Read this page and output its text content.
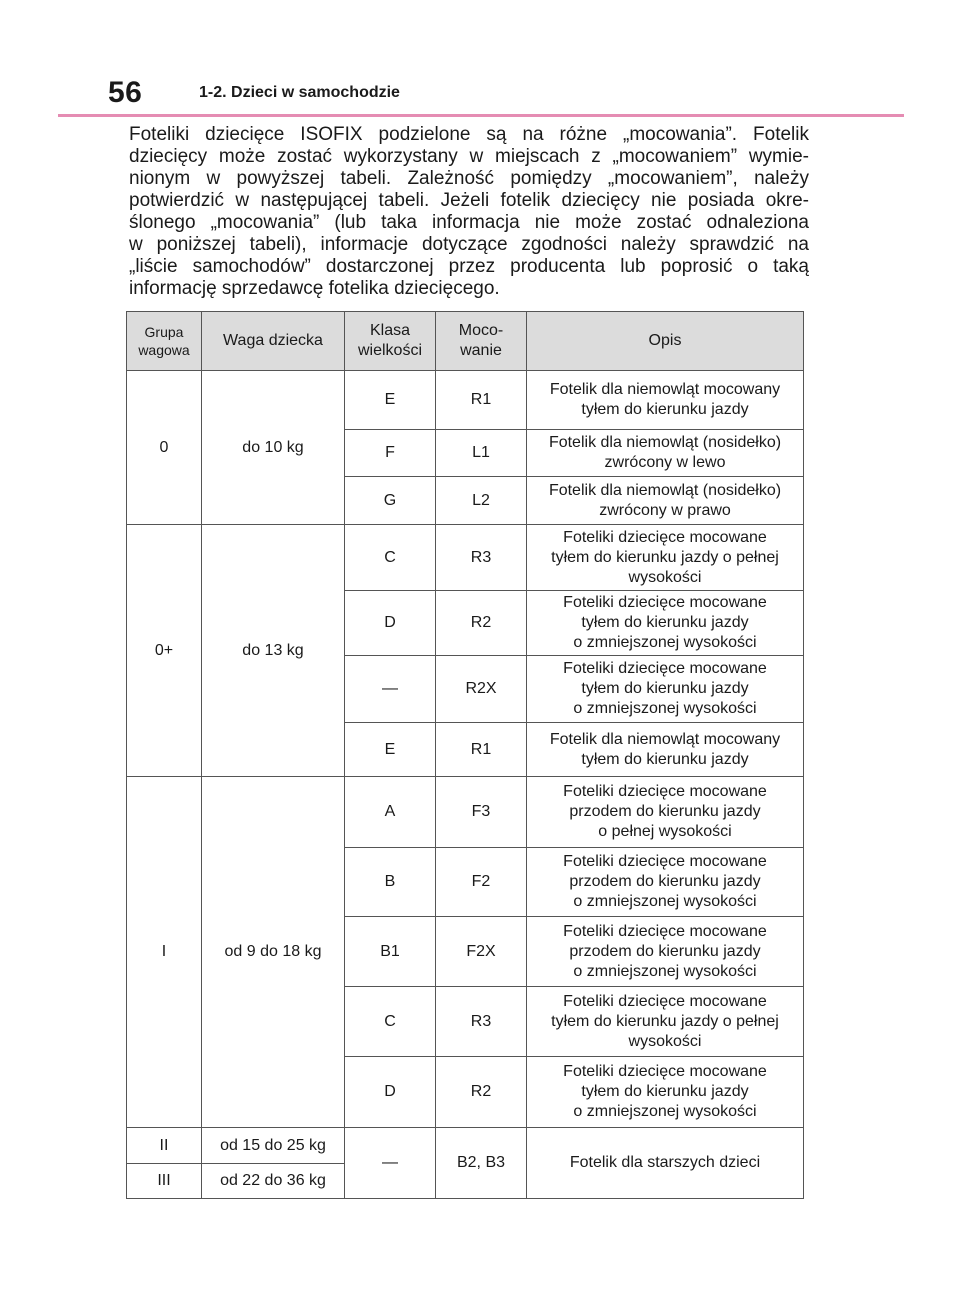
56	1-2. Dzieci w samochodzie
Foteliki dziecięce ISOFIX podzielone są na różne „mocowania”. Fotelik
dziecięcy może zostać wykorzystany w miejscach z „mocowaniem” wymie-
nionym w powyższej tabeli. Zależność pomiędzy „mocowaniem”, należy
potwierdzić w następującej tabeli. Jeżeli fotelik dziecięcy nie posiada okre-
ślonego „mocowania” (lub taka informacja nie może zostać odnaleziona
w poniższej tabeli), informacje dotyczące zgodności należy sprawdzić na
„liście samochodów” dostarczonej przez producenta lub poprosić o taką
informację sprzedawcę fotelika dziecięcego.
Grupa
wagowa	Waga dziecka	Klasa
wielkości	Moco-
wanie	Opis

0	do 10 kg	E	R1	Fotelik dla niemowląt mocowany
tyłem do kierunku jazdy

		F	L1	Fotelik dla niemowląt (nosidełko)
zwrócony w lewo

		G	L2	Fotelik dla niemowląt (nosidełko)
zwrócony w prawo

0+	do 13 kg	C	R3	Foteliki dziecięce mocowane
tyłem do kierunku jazdy o pełnej
wysokości

		D	R2	Foteliki dziecięce mocowane
tyłem do kierunku jazdy
o zmniejszonej wysokości

		—	R2X	Foteliki dziecięce mocowane
tyłem do kierunku jazdy
o zmniejszonej wysokości

		E	R1	Fotelik dla niemowląt mocowany
tyłem do kierunku jazdy

I	od 9 do 18 kg	A	F3	Foteliki dziecięce mocowane
przodem do kierunku jazdy
o pełnej wysokości

		B	F2	Foteliki dziecięce mocowane
przodem do kierunku jazdy
o zmniejszonej wysokości

		B1	F2X	Foteliki dziecięce mocowane
przodem do kierunku jazdy
o zmniejszonej wysokości

		C	R3	Foteliki dziecięce mocowane
tyłem do kierunku jazdy o pełnej
wysokości

		D	R2	Foteliki dziecięce mocowane
tyłem do kierunku jazdy
o zmniejszonej wysokości

II	od 15 do 25 kg	—	B2, B3	Fotelik dla starszych dzieci

III	od 22 do 36 kg			
